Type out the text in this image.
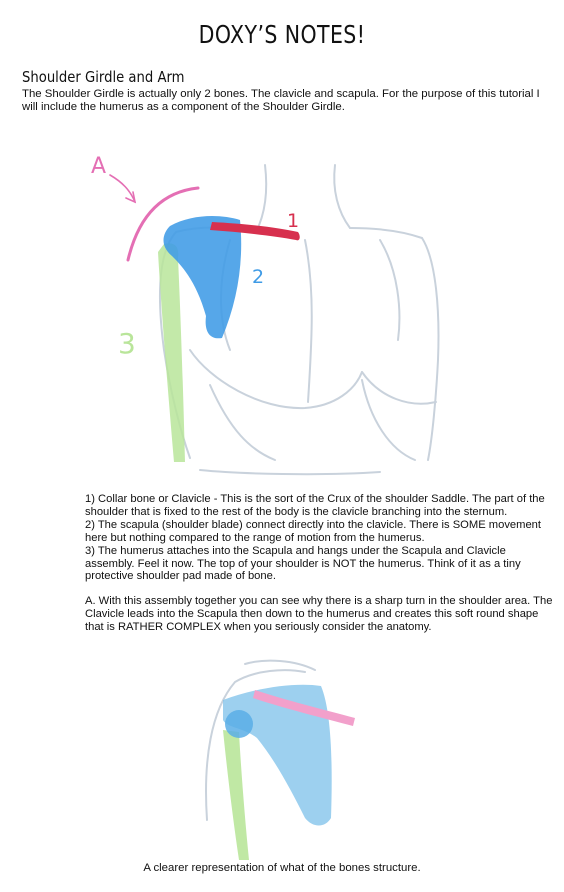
DOXY’S NOTES!
Shoulder Girdle and Arm

The Shoulder Girdle is actually only 2 bones. The clavicle and scapula. For the purpose of this tutorial I will include the humerus as a component of the Shoulder Girdle.

A
1
2
3

1) Collar bone or Clavicle - This is the sort of the Crux of the shoulder Saddle. The part of the shoulder that is fixed to the rest of the body is the clavicle branching into the sternum.

2) The scapula (shoulder blade) connect directly into the clavicle. There is SOME movement here but nothing compared to the range of motion from the humerus.

3) The humerus attaches into the Scapula and hangs under the Scapula and Clavicle assembly. Feel it now. The top of your shoulder is NOT the humerus. Think of it as a tiny protective shoulder pad made of bone.

A. With this assembly together you can see why there is a sharp turn in the shoulder area. The Clavicle leads into the Scapula then down to the humerus and creates this soft round shape that is RATHER COMPLEX when you seriously consider the anatomy.

A clearer representation of what of the bones structure.
